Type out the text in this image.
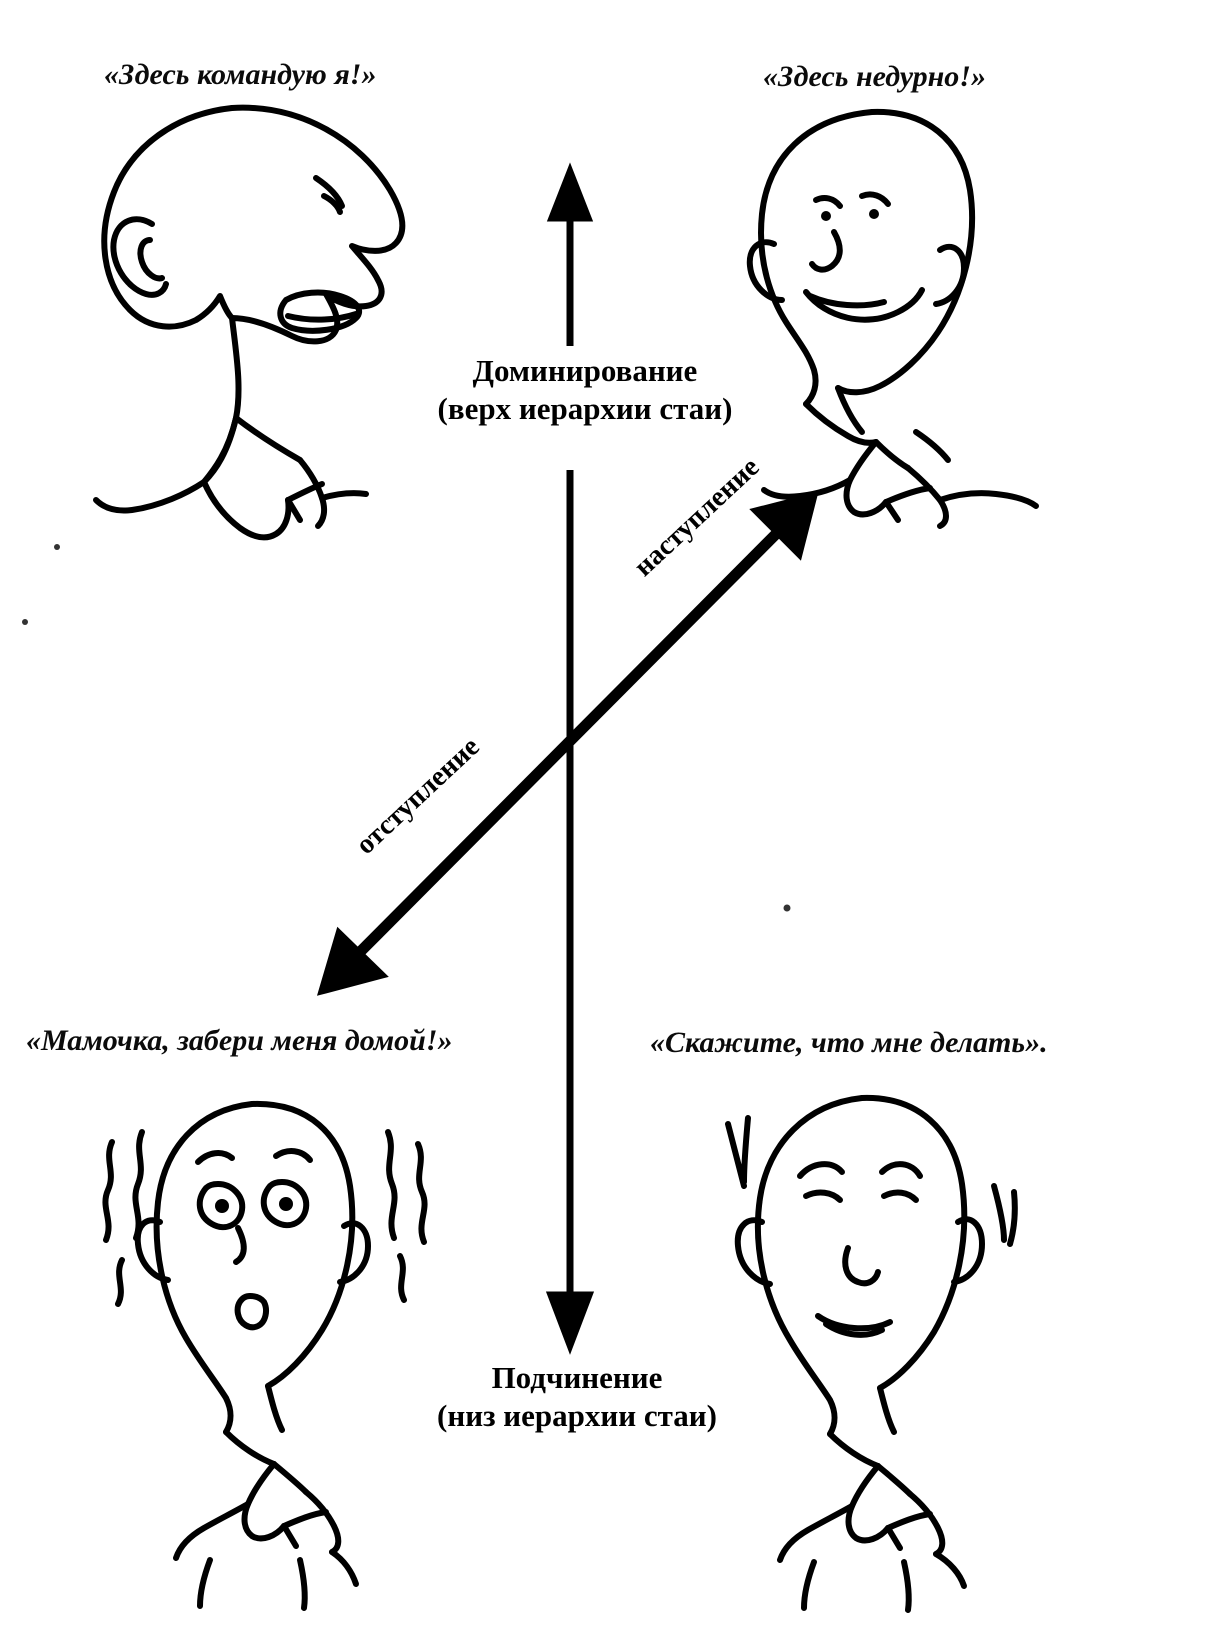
«Здесь командую я!»	«Здесь недурно!»
«Мамочка, забери меня домой!»	«Скажите, что мне делать».
Доминирование
(верх иерархии стаи)
Подчинение
(низ иерархии стаи)
наступление
отступление
